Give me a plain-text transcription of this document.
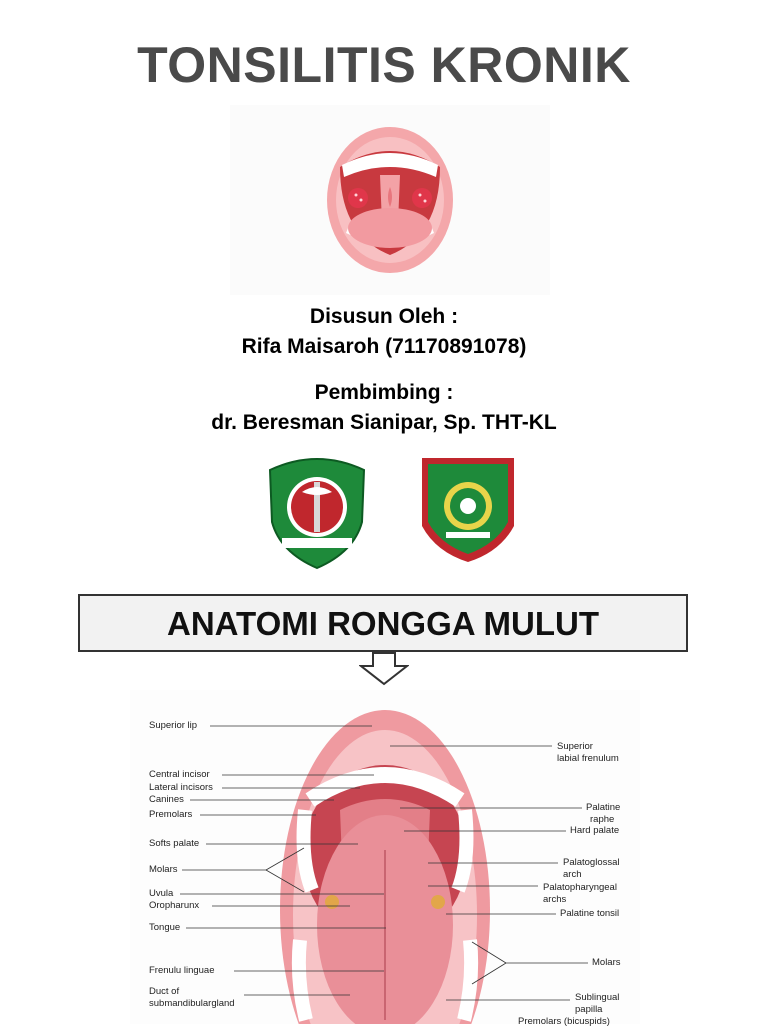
TONSILITIS KRONIK
Disusun Oleh :
Rifa Maisaroh (71170891078)
Pembimbing :
dr. Beresman Sianipar, Sp. THT-KL
ANATOMI RONGGA MULUT
Superior lip
Central incisor
Lateral incisors
Canines
Premolars
Softs palate
Molars
Uvula
Oropharunx
Tongue
Frenulu linguae
Duct of
submandibulargland
Superior
labial frenulum
Palatine
raphe
Hard palate
Palatoglossal
arch
Palatopharyngeal
archs
Palatine tonsil
Molars
Sublingual
papilla
Premolars (bicuspids)
